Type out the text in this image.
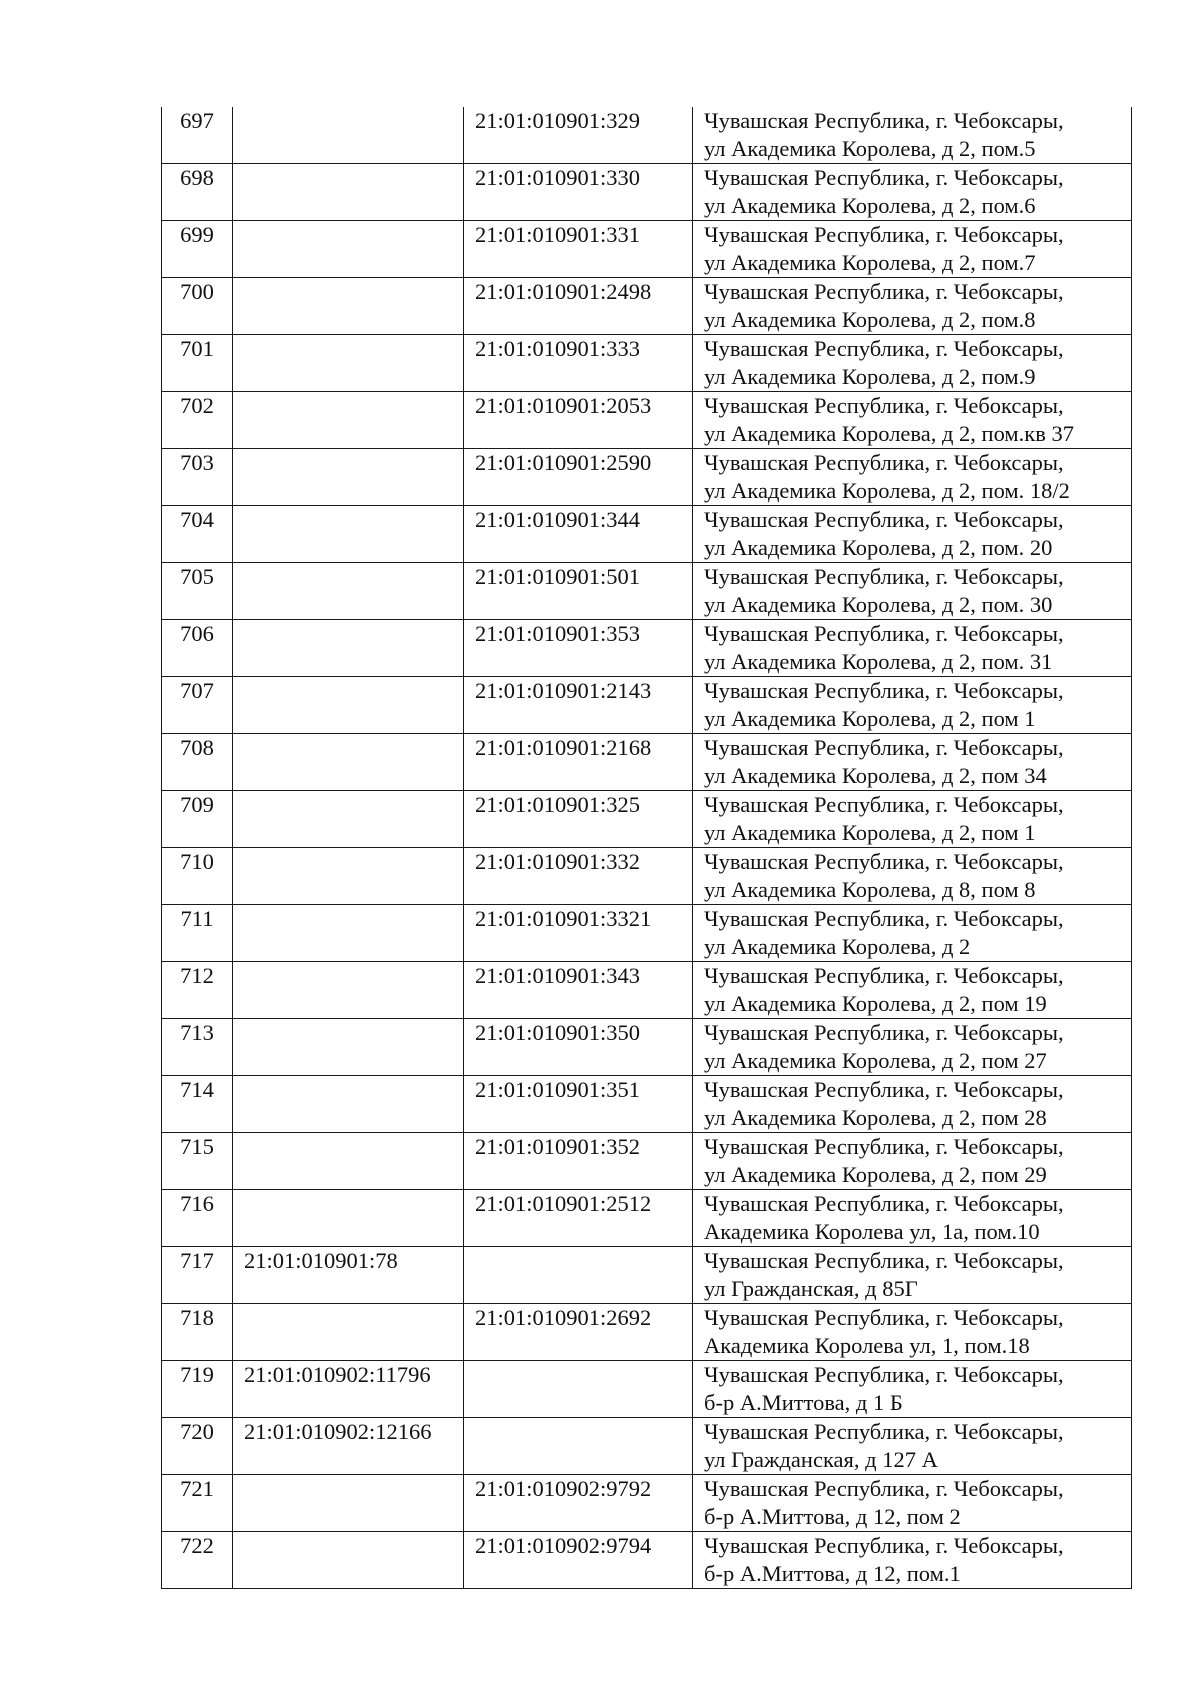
697		21:01:010901:329	Чувашская Республика, г. Чебоксары,
ул Академика Королева, д 2, пом.5

698		21:01:010901:330	Чувашская Республика, г. Чебоксары,
ул Академика Королева, д 2, пом.6

699		21:01:010901:331	Чувашская Республика, г. Чебоксары,
ул Академика Королева, д 2, пом.7

700		21:01:010901:2498	Чувашская Республика, г. Чебоксары,
ул Академика Королева, д 2, пом.8

701		21:01:010901:333	Чувашская Республика, г. Чебоксары,
ул Академика Королева, д 2, пом.9

702		21:01:010901:2053	Чувашская Республика, г. Чебоксары,
ул Академика Королева, д 2, пом.кв 37

703		21:01:010901:2590	Чувашская Республика, г. Чебоксары,
ул Академика Королева, д 2, пом. 18/2

704		21:01:010901:344	Чувашская Республика, г. Чебоксары,
ул Академика Королева, д 2, пом. 20

705		21:01:010901:501	Чувашская Республика, г. Чебоксары,
ул Академика Королева, д 2, пом. 30

706		21:01:010901:353	Чувашская Республика, г. Чебоксары,
ул Академика Королева, д 2, пом. 31

707		21:01:010901:2143	Чувашская Республика, г. Чебоксары,
ул Академика Королева, д 2, пом 1

708		21:01:010901:2168	Чувашская Республика, г. Чебоксары,
ул Академика Королева, д 2, пом 34

709		21:01:010901:325	Чувашская Республика, г. Чебоксары,
ул Академика Королева, д 2, пом 1

710		21:01:010901:332	Чувашская Республика, г. Чебоксары,
ул Академика Королева, д 8, пом 8

711		21:01:010901:3321	Чувашская Республика, г. Чебоксары,
ул Академика Королева, д 2

712		21:01:010901:343	Чувашская Республика, г. Чебоксары,
ул Академика Королева, д 2, пом 19

713		21:01:010901:350	Чувашская Республика, г. Чебоксары,
ул Академика Королева, д 2, пом 27

714		21:01:010901:351	Чувашская Республика, г. Чебоксары,
ул Академика Королева, д 2, пом 28

715		21:01:010901:352	Чувашская Республика, г. Чебоксары,
ул Академика Королева, д 2, пом 29

716		21:01:010901:2512	Чувашская Республика, г. Чебоксары,
Академика Королева ул, 1а, пом.10

717	21:01:010901:78		Чувашская Республика, г. Чебоксары,
ул Гражданская, д 85Г

718		21:01:010901:2692	Чувашская Республика, г. Чебоксары,
Академика Королева ул, 1, пом.18

719	21:01:010902:11796		Чувашская Республика, г. Чебоксары,
б-р А.Миттова, д 1 Б

720	21:01:010902:12166		Чувашская Республика, г. Чебоксары,
ул Гражданская, д 127 А

721		21:01:010902:9792	Чувашская Республика, г. Чебоксары,
б-р А.Миттова, д 12, пом 2

722		21:01:010902:9794	Чувашская Республика, г. Чебоксары,
б-р А.Миттова, д 12, пом.1
